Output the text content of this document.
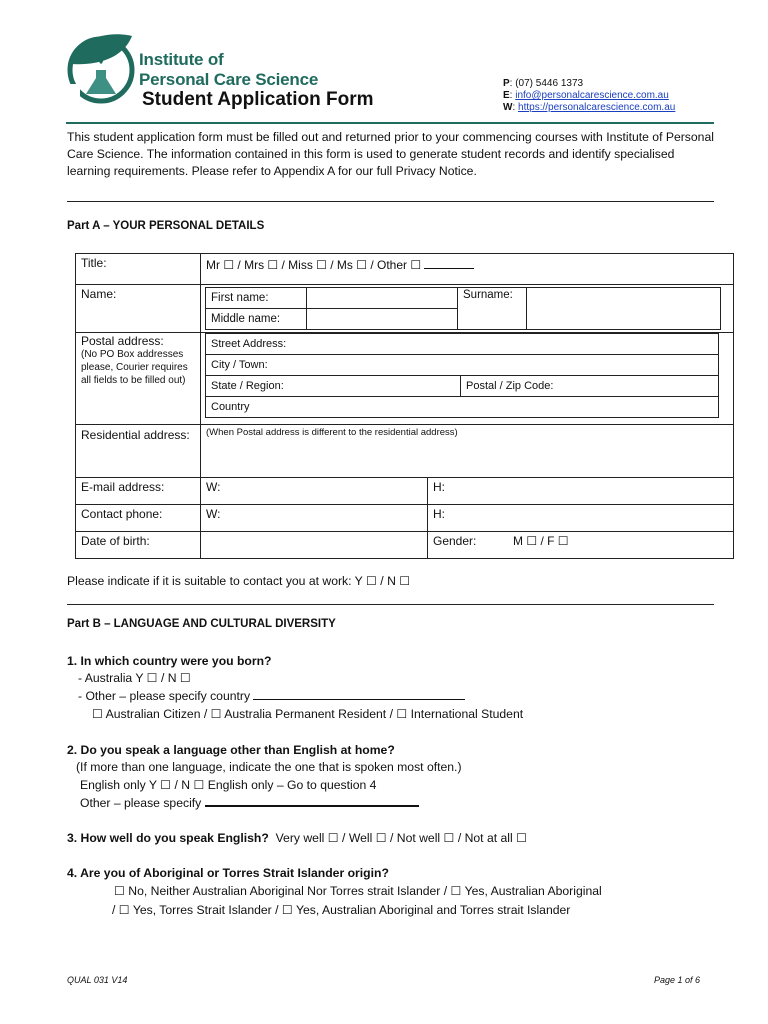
Institute of
Personal Care Science
Student Application Form
P: (07) 5446 1373
E: info@personalcarescience.com.au
W: https://personalcarescience.com.au
This student application form must be filled out and returned prior to your commencing courses with Institute of Personal Care Science. The information contained in this form is used to generate student records and identify specialised learning requirements. Please refer to Appendix A for our full Privacy Notice.
Part A – YOUR PERSONAL DETAILS
Title:	Mr ☐ / Mrs ☐ / Miss ☐ / Ms ☐ / Other ☐
Name:		First name:		Surname:	
Middle name:	

Postal address:
(No PO Box addresses please, Courier requires all fields to be filled out)

Street Address:
City / Town:
State / Region:	Postal / Zip Code:
Country

Residential address:	(When Postal address is different to the residential address)
E-mail address:	W:	H:
Contact phone:	W:	H:
Date of birth:		Gender:	M ☐ / F ☐
Please indicate if it is suitable to contact you at work: Y ☐ / N ☐
Part B – LANGUAGE AND CULTURAL DIVERSITY
1. In which country were you born?
- Australia Y ☐ / N ☐
- Other – please specify country
☐ Australian Citizen / ☐ Australia Permanent Resident / ☐ International Student
2. Do you speak a language other than English at home?
(If more than one language, indicate the one that is spoken most often.)
English only Y ☐ / N ☐ English only – Go to question 4
Other – please specify
3. How well do you speak English? Very well ☐ / Well ☐ / Not well ☐ / Not at all ☐
4. Are you of Aboriginal or Torres Strait Islander origin?
☐ No, Neither Australian Aboriginal Nor Torres strait Islander / ☐ Yes, Australian Aboriginal
/ ☐ Yes, Torres Strait Islander / ☐ Yes, Australian Aboriginal and Torres strait Islander
QUAL 031 V14	Page 1 of 6
